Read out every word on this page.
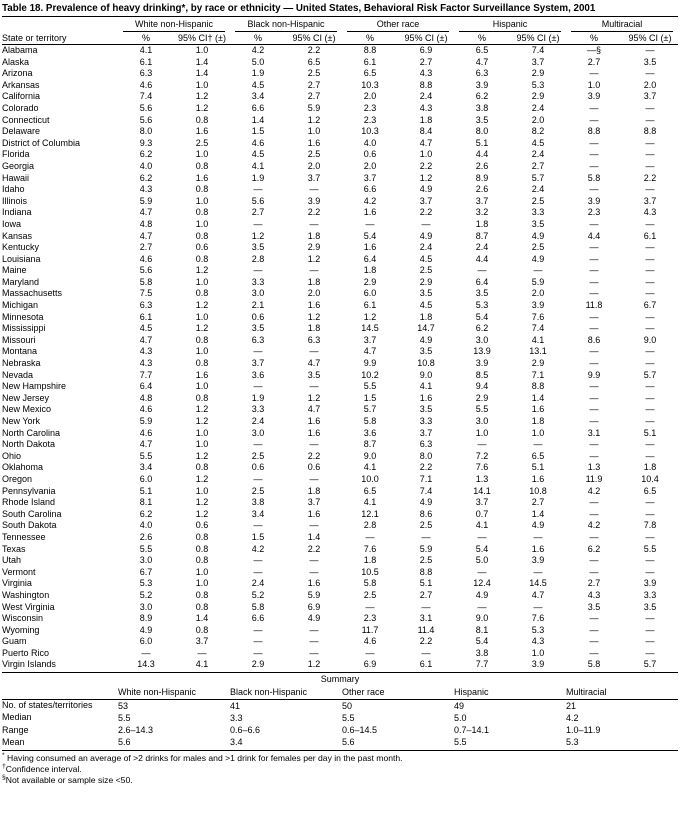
Table 18. Prevalence of heavy drinking*, by race or ethnicity — United States, Behavioral Risk Factor Surveillance System, 2001

	White non-Hispanic		Black non-Hispanic		Other race		Hispanic		Multiracial	

State or territory	%	95% CI† (±)	%	95% CI (±)	%	95% CI (±)	%	95% CI (±)	%	95% CI (±)
Alabama	4.1	1.0	4.2	2.2	8.8	6.9	6.5	7.4	—§	—
Alaska	6.1	1.4	5.0	6.5	6.1	2.7	4.7	3.7	2.7	3.5
Arizona	6.3	1.4	1.9	2.5	6.5	4.3	6.3	2.9	—	—
Arkansas	4.6	1.0	4.5	2.7	10.3	8.8	3.9	5.3	1.0	2.0
California	7.4	1.2	3.4	2.7	2.0	2.4	6.2	2.9	3.9	3.7
Colorado	5.6	1.2	6.6	5.9	2.3	4.3	3.8	2.4	—	—
Connecticut	5.6	0.8	1.4	1.2	2.3	1.8	3.5	2.0	—	—
Delaware	8.0	1.6	1.5	1.0	10.3	8.4	8.0	8.2	8.8	8.8
District of Columbia	9.3	2.5	4.6	1.6	4.0	4.7	5.1	4.5	—	—
Florida	6.2	1.0	4.5	2.5	0.6	1.0	4.4	2.4	—	—
Georgia	4.0	0.8	4.1	2.0	2.0	2.2	2.6	2.7	—	—
Hawaii	6.2	1.6	1.9	3.7	3.7	1.2	8.9	5.7	5.8	2.2
Idaho	4.3	0.8	—	—	6.6	4.9	2.6	2.4	—	—
Illinois	5.9	1.0	5.6	3.9	4.2	3.7	3.7	2.5	3.9	3.7
Indiana	4.7	0.8	2.7	2.2	1.6	2.2	3.2	3.3	2.3	4.3
Iowa	4.8	1.0	—	—	—	—	1.8	3.5	—	—
Kansas	4.7	0.8	1.2	1.8	5.4	4.9	8.7	4.9	4.4	6.1
Kentucky	2.7	0.6	3.5	2.9	1.6	2.4	2.4	2.5	—	—
Louisiana	4.6	0.8	2.8	1.2	6.4	4.5	4.4	4.9	—	—
Maine	5.6	1.2	—	—	1.8	2.5	—	—	—	—
Maryland	5.8	1.0	3.3	1.8	2.9	2.9	6.4	5.9	—	—
Massachusetts	7.5	0.8	3.0	2.0	6.0	3.5	3.5	2.0	—	—
Michigan	6.3	1.2	2.1	1.6	6.1	4.5	5.3	3.9	11.8	6.7
Minnesota	6.1	1.0	0.6	1.2	1.2	1.8	5.4	7.6	—	—
Mississippi	4.5	1.2	3.5	1.8	14.5	14.7	6.2	7.4	—	—
Missouri	4.7	0.8	6.3	6.3	3.7	4.9	3.0	4.1	8.6	9.0
Montana	4.3	1.0	—	—	4.7	3.5	13.9	13.1	—	—
Nebraska	4.3	0.8	3.7	4.7	9.9	10.8	3.9	2.9	—	—
Nevada	7.7	1.6	3.6	3.5	10.2	9.0	8.5	7.1	9.9	5.7
New Hampshire	6.4	1.0	—	—	5.5	4.1	9.4	8.8	—	—
New Jersey	4.8	0.8	1.9	1.2	1.5	1.6	2.9	1.4	—	—
New Mexico	4.6	1.2	3.3	4.7	5.7	3.5	5.5	1.6	—	—
New York	5.9	1.2	2.4	1.6	5.8	3.3	3.0	1.8	—	—
North Carolina	4.6	1.0	3.0	1.6	3.6	3.7	1.0	1.0	3.1	5.1
North Dakota	4.7	1.0	—	—	8.7	6.3	—	—	—	—
Ohio	5.5	1.2	2.5	2.2	9.0	8.0	7.2	6.5	—	—
Oklahoma	3.4	0.8	0.6	0.6	4.1	2.2	7.6	5.1	1.3	1.8
Oregon	6.0	1.2	—	—	10.0	7.1	1.3	1.6	11.9	10.4
Pennsylvania	5.1	1.0	2.5	1.8	6.5	7.4	14.1	10.8	4.2	6.5
Rhode Island	8.1	1.2	3.8	3.7	4.1	4.9	3.7	2.7	—	—
South Carolina	6.2	1.2	3.4	1.6	12.1	8.6	0.7	1.4	—	—
South Dakota	4.0	0.6	—	—	2.8	2.5	4.1	4.9	4.2	7.8
Tennessee	2.6	0.8	1.5	1.4	—	—	—	—	—	—
Texas	5.5	0.8	4.2	2.2	7.6	5.9	5.4	1.6	6.2	5.5
Utah	3.0	0.8	—	—	1.8	2.5	5.0	3.9	—	—
Vermont	6.7	1.0	—	—	10.5	8.8	—	—	—	—
Virginia	5.3	1.0	2.4	1.6	5.8	5.1	12.4	14.5	2.7	3.9
Washington	5.2	0.8	5.2	5.9	2.5	2.7	4.9	4.7	4.3	3.3
West Virginia	3.0	0.8	5.8	6.9	—	—	—	—	3.5	3.5
Wisconsin	8.9	1.4	6.6	4.9	2.3	3.1	9.0	7.6	—	—
Wyoming	4.9	0.8	—	—	11.7	11.4	8.1	5.3	—	—
Guam	6.0	3.7	—	—	4.6	2.2	5.4	4.3	—	—
Puerto Rico	—	—	—	—	—	—	3.8	1.0	—	—
Virgin Islands	14.3	4.1	2.9	1.2	6.9	6.1	7.7	3.9	5.8	5.7
Summary
	White non-Hispanic	Black non-Hispanic	Other race	Hispanic	Multiracial
No. of states/territories	53	41	50	49	21
Median	5.5	3.3	5.5	5.0	4.2
Range	2.6–14.3	0.6–6.6	0.6–14.5	0.7–14.1	1.0–11.9
Mean	5.6	3.4	5.6	5.5	5.3
* Having consumed an average of >2 drinks for males and >1 drink for females per day in the past month.
†Confidence interval.
§Not available or sample size <50.
